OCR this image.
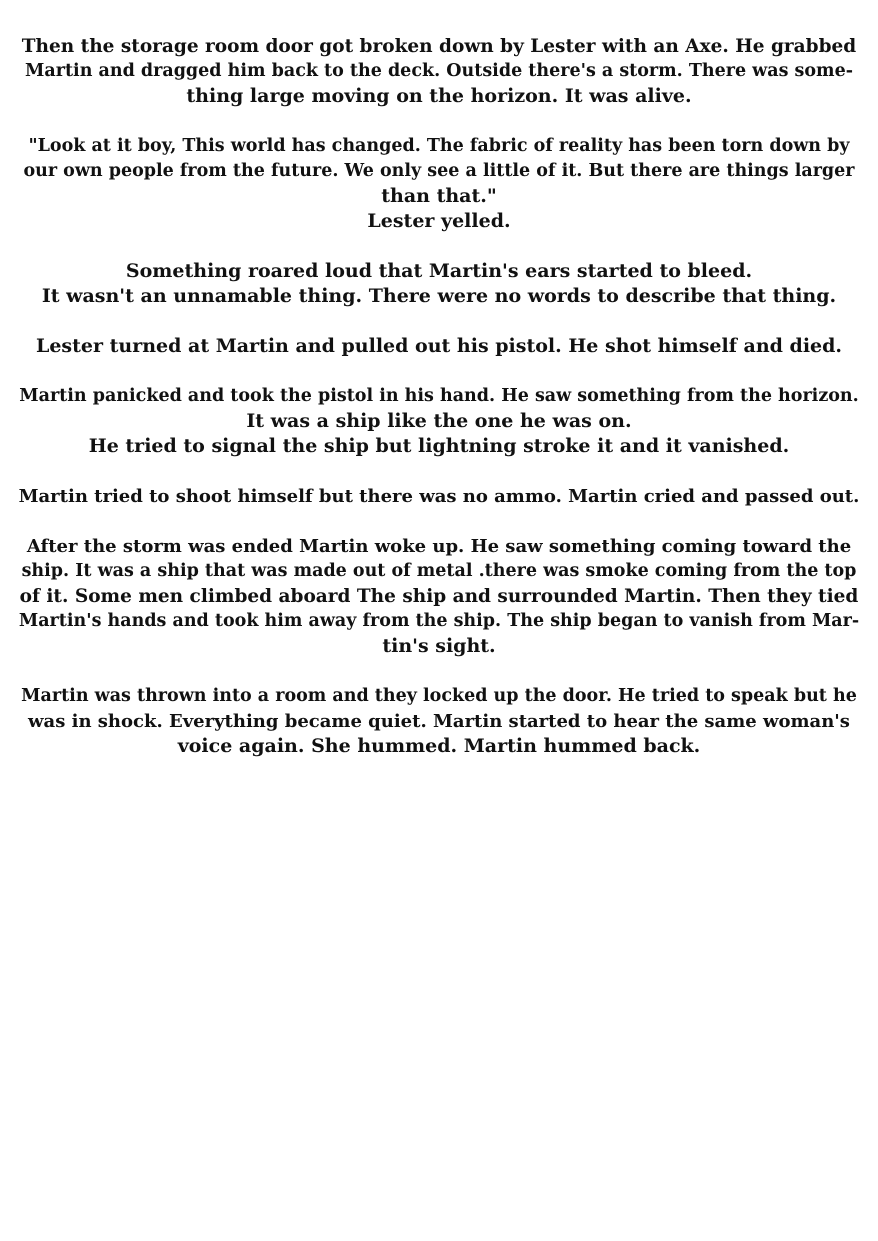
Then the storage room door got broken down by Lester with an Axe. He grabbed
Martin and dragged him back to the deck. Outside there's a storm. There was some-
thing large moving on the horizon. It was alive.

"Look at it boy, This world has changed. The fabric of reality has been torn down by
our own people from the future. We only see a little of it. But there are things larger
than that."
Lester yelled.

Something roared loud that Martin's ears started to bleed.
It wasn't an unnamable thing. There were no words to describe that thing.

Lester turned at Martin and pulled out his pistol. He shot himself and died.

Martin panicked and took the pistol in his hand. He saw something from the horizon.
It was a ship like the one he was on.
He tried to signal the ship but lightning stroke it and it vanished.

Martin tried to shoot himself but there was no ammo. Martin cried and passed out.

After the storm was ended Martin woke up. He saw something coming toward the
ship. It was a ship that was made out of metal .there was smoke coming from the top
of it. Some men climbed aboard The ship and surrounded Martin. Then they tied
Martin's hands and took him away from the ship. The ship began to vanish from Mar-
tin's sight.

Martin was thrown into a room and they locked up the door. He tried to speak but he
was in shock. Everything became quiet. Martin started to hear the same woman's
voice again. She hummed. Martin hummed back.
